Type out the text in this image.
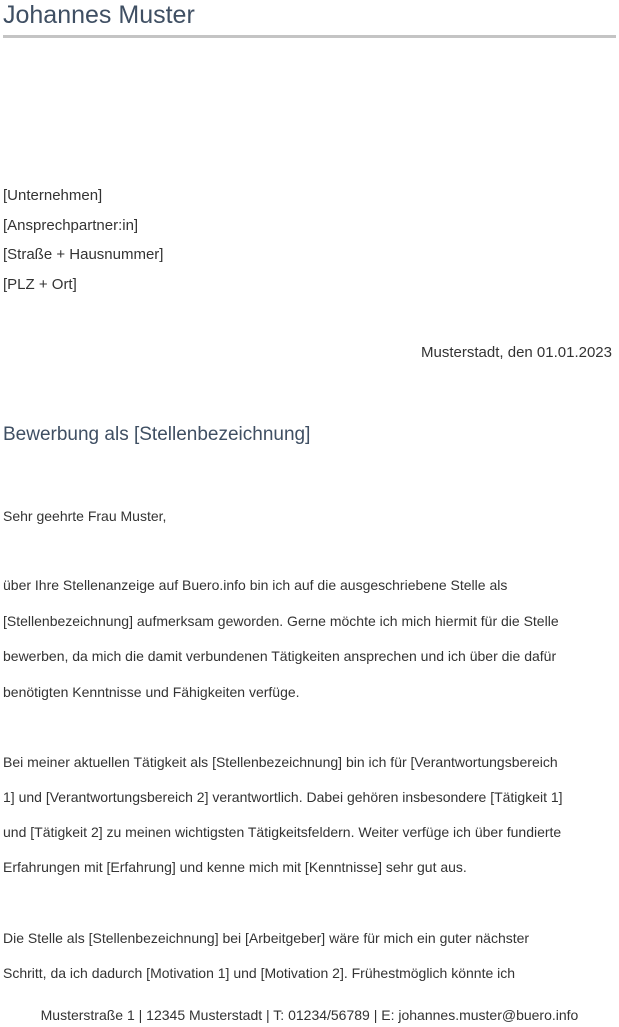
Johannes Muster
[Unternehmen]
[Ansprechpartner:in]
[Straße + Hausnummer]
[PLZ + Ort]
Musterstadt, den 01.01.2023
Bewerbung als [Stellenbezeichnung]
Sehr geehrte Frau Muster,
über Ihre Stellenanzeige auf Buero.info bin ich auf die ausgeschriebene Stelle als
[Stellenbezeichnung] aufmerksam geworden. Gerne möchte ich mich hiermit für die Stelle
bewerben, da mich die damit verbundenen Tätigkeiten ansprechen und ich über die dafür
benötigten Kenntnisse und Fähigkeiten verfüge.
Bei meiner aktuellen Tätigkeit als [Stellenbezeichnung] bin ich für [Verantwortungsbereich
1] und [Verantwortungsbereich 2] verantwortlich. Dabei gehören insbesondere [Tätigkeit 1]
und [Tätigkeit 2] zu meinen wichtigsten Tätigkeitsfeldern. Weiter verfüge ich über fundierte
Erfahrungen mit [Erfahrung] und kenne mich mit [Kenntnisse] sehr gut aus.
Die Stelle als [Stellenbezeichnung] bei [Arbeitgeber] wäre für mich ein guter nächster
Schritt, da ich dadurch [Motivation 1] und [Motivation 2]. Frühestmöglich könnte ich
Musterstraße 1 | 12345 Musterstadt | T: 01234/56789 | E: johannes.muster@buero.info
